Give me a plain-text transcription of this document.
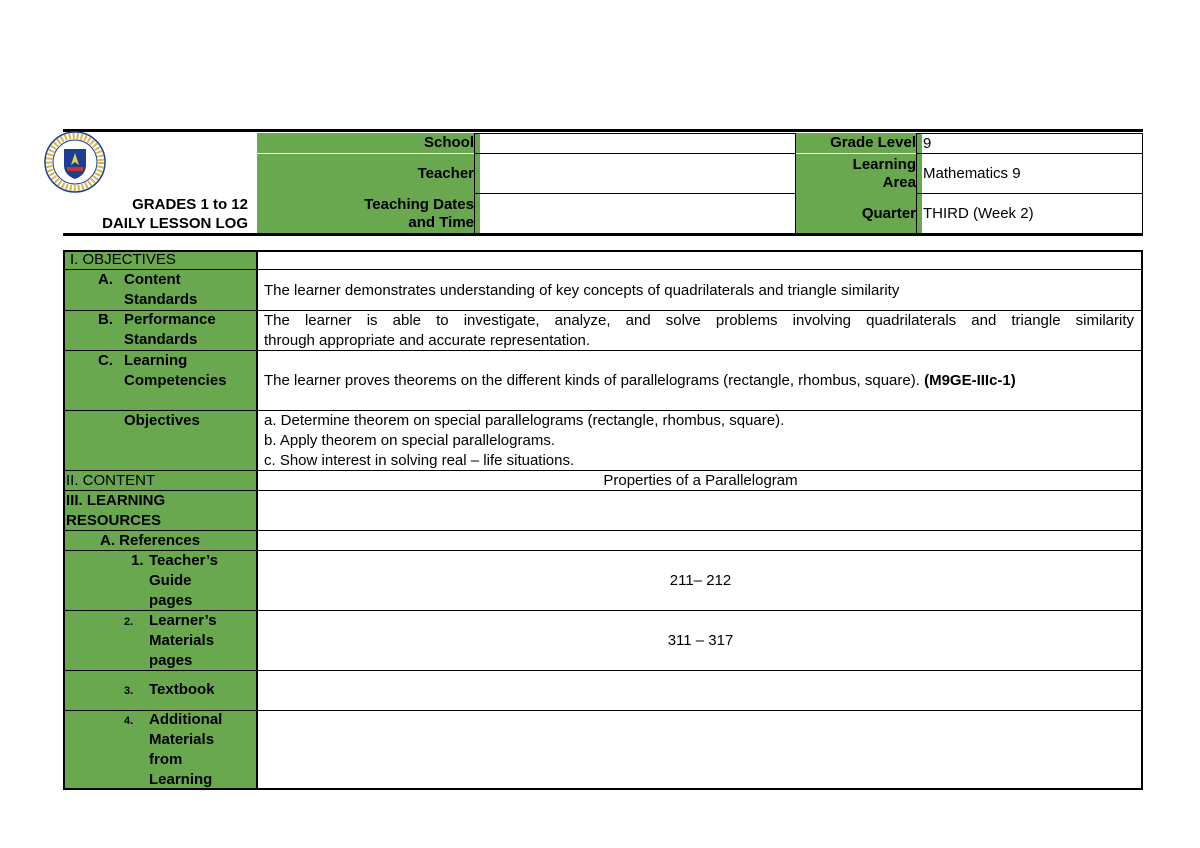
GRADES 1 to 12
DAILY LESSON LOG
School
Teacher
Teaching Dates
and Time
Grade Level 9
Learning
Area
Mathematics 9
Quarter THIRD (Week 2)
I. OBJECTIVES
A. Content
Standards
The learner demonstrates understanding of key concepts of quadrilaterals and triangle similarity
B. Performance
Standards
The learner is able to investigate, analyze, and solve problems involving quadrilaterals and triangle similarity
through appropriate and accurate representation.
C. Learning
Competencies The learner proves theorems on the different kinds of parallelograms (rectangle, rhombus, square). (M9GE-IIIc-1)
Objectives	a. Determine theorem on special parallelograms (rectangle, rhombus, square).
b. Apply theorem on special parallelograms.
c. Show interest in solving real – life situations.
II. CONTENT	Properties of a Parallelogram
III. LEARNING
RESOURCES
A. References
1. Teacher’s
Guide
pages
211– 212
2. Learner’s
Materials
pages
311 – 317
3. Textbook
4. Additional
Materials
from
Learning
